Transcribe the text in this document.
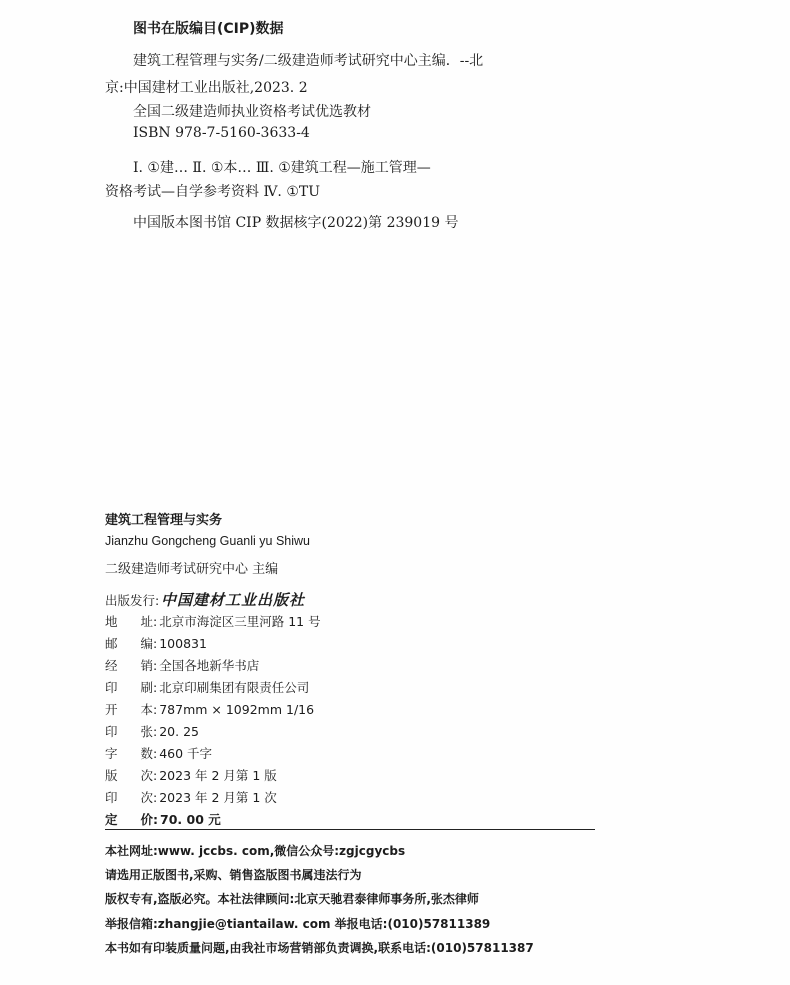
图书在版编目(CIP)数据
建筑工程管理与实务/二级建造师考试研究中心主编．--北
京:中国建材工业出版社,2023. 2
全国二级建造师执业资格考试优选教材
ISBN 978-7-5160-3633-4
Ⅰ. ①建… Ⅱ. ①本… Ⅲ. ①建筑工程—施工管理—
资格考试—自学参考资料 Ⅳ. ①TU
中国版本图书馆 CIP 数据核字(2022)第 239019 号
建筑工程管理与实务
Jianzhu Gongcheng Guanli yu Shiwu
二级建造师考试研究中心 主编
出版发行: 中国建材工业出版社
地址 : 北京市海淀区三里河路 11 号
邮编 : 100831
经销 : 全国各地新华书店
印刷 : 北京印刷集团有限责任公司
开本 : 787mm × 1092mm 1/16
印张 : 20. 25
字数 : 460 千字
版次 : 2023 年 2 月第 1 版
印次 : 2023 年 2 月第 1 次
定价 : 70. 00 元
本社网址:www. jccbs. com,微信公众号:zgjcgycbs
请选用正版图书,采购、销售盗版图书属违法行为
版权专有,盗版必究。本社法律顾问:北京天驰君泰律师事务所,张杰律师
举报信箱:zhangjie@tiantailaw. com 举报电话:(010)57811389
本书如有印装质量问题,由我社市场营销部负责调换,联系电话:(010)57811387
